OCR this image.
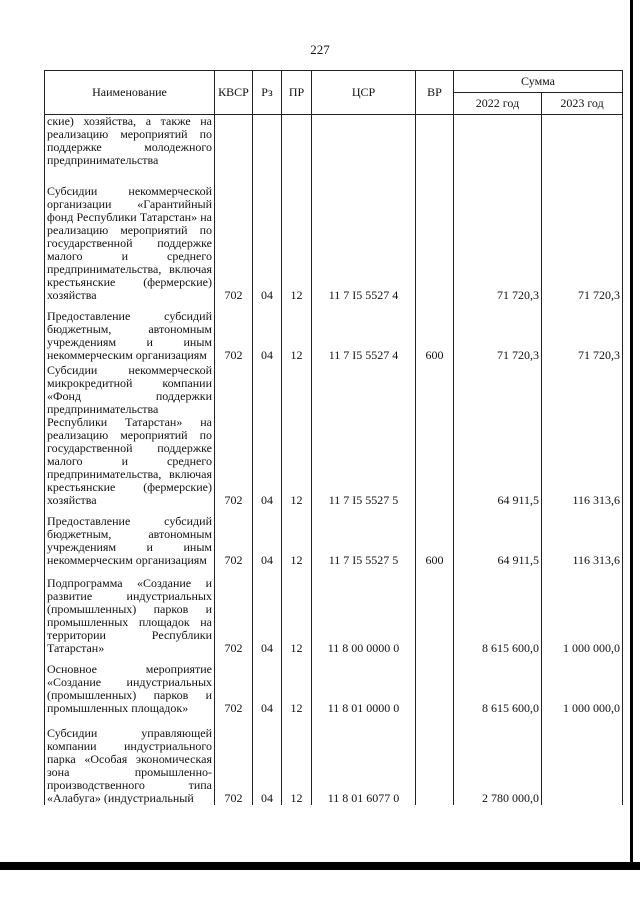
227
Наименование	КВСР	Рз	ПР	ЦСР	ВР	Сумма	
						2022 год	2023 год
ские) хозяйства, а также на реализацию мероприятий по поддержке молодежного предпринимательства							
Субсидии некоммерческой организации «Гарантийный фонд Республики Татарстан» на реализацию мероприятий по государственной поддержке малого и среднего предпринимательства, включая крестьянские (фермерские) хозяйства	702	04	12	11 7 I5 5527 4		71 720,3	71 720,3
Предоставление субсидий бюджетным, автономным учреждениям и иным некоммерческим организациям	702	04	12	11 7 I5 5527 4	600	71 720,3	71 720,3
Субсидии некоммерческой микрокредитной компании «Фонд поддержки предпринимательства Республики Татарстан» на реализацию мероприятий по государственной поддержке малого и среднего предпринимательства, включая крестьянские (фермерские) хозяйства	702	04	12	11 7 I5 5527 5		64 911,5	116 313,6
Предоставление субсидий бюджетным, автономным учреждениям и иным некоммерческим организациям	702	04	12	11 7 I5 5527 5	600	64 911,5	116 313,6
Подпрограмма «Создание и развитие индустриальных (промышленных) парков и промышленных площадок на территории Республики Татарстан»	702	04	12	11 8 00 0000 0		8 615 600,0	1 000 000,0
Основное мероприятие «Создание индустриальных (промышленных) парков и промышленных площадок»	702	04	12	11 8 01 0000 0		8 615 600,0	1 000 000,0
Субсидии управляющей компании индустриального парка «Особая экономическая зона промышленно-производственного типа «Алабуга» (индустриальный	702	04	12	11 8 01 6077 0		2 780 000,0	
